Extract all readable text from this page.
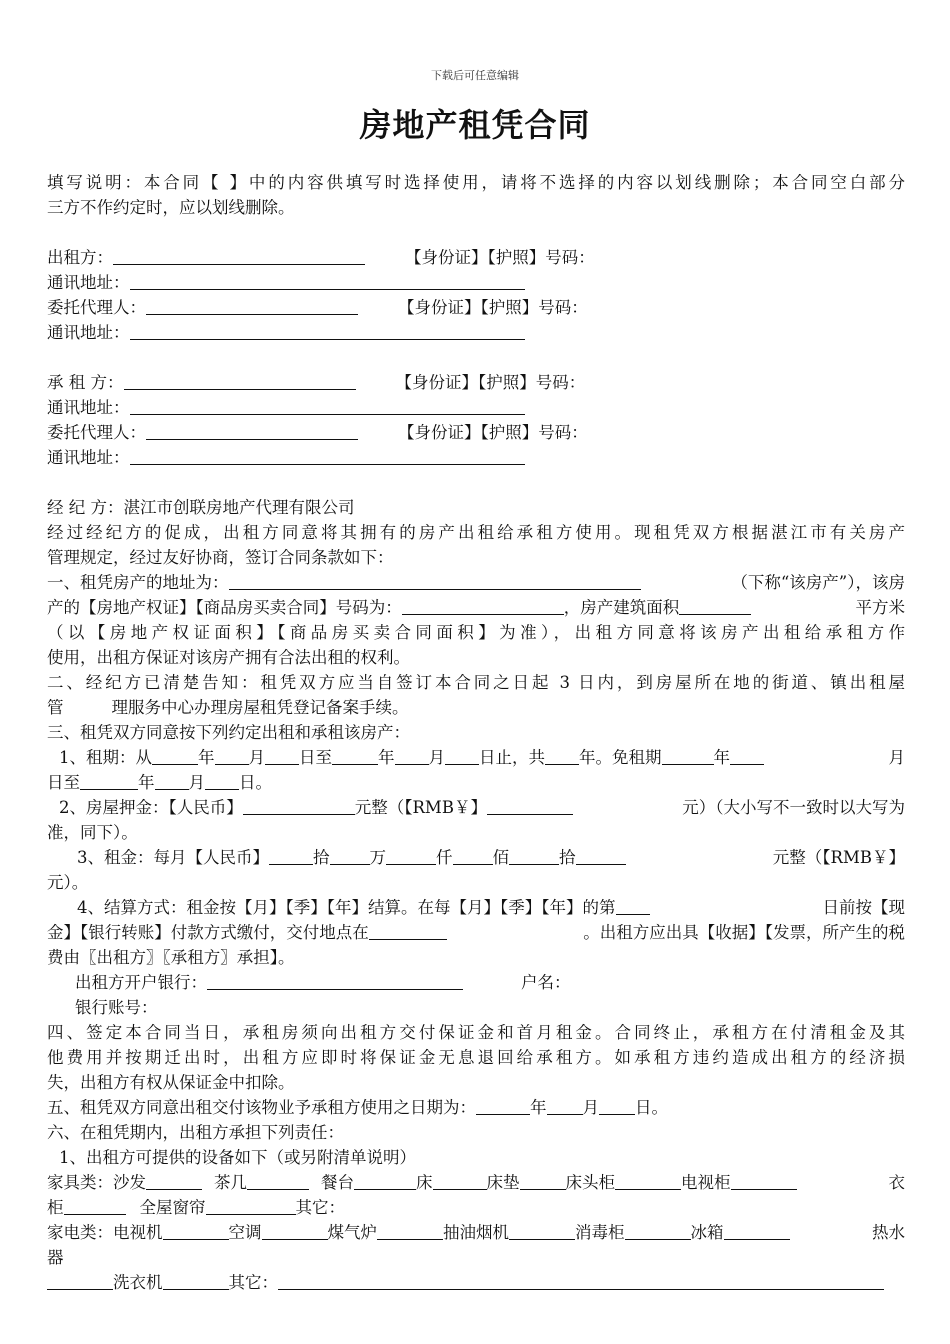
下载后可任意编辑
房地产租凭合同
填写说明：本合同【 】中的内容供填写时选择使用，请将不选择的内容以划线删除；本合同空白部分
三方不作约定时，应以划线删除。
出租方：	【身份证】【护照】号码：
通讯地址：
委托代理人：	【身份证】【护照】号码：
通讯地址：
承 租 方：	【身份证】【护照】号码：
通讯地址：
委托代理人：	【身份证】【护照】号码：
通讯地址：
经 纪 方：湛江市创联房地产代理有限公司
经过经纪方的促成，出租方同意将其拥有的房产出租给承租方使用。现租凭双方根据湛江市有关房产
管理规定，经过友好协商，签订合同条款如下：
一、租凭房产的地址为：	（下称“该房产”），该房
产的【房地产权证】【商品房买卖合同】号码为：	，房产建筑面积	平方米
（以【房地产权证面积】【商品房买卖合同面积】为准），出租方同意将该房产出租给承租方作
使用，出租方保证对该房产拥有合法出租的权利。
二、经纪方已清楚告知：租凭双方应当自签订本合同之日起 3 日内，到房屋所在地的街道、镇出租屋
管	理服务中心办理房屋租凭登记备案手续。
三、租凭双方同意按下列约定出租和承租该房产：
1、租期：从	年 月 日至	年 月 日止，共 年。免租期	年	月
日至	年 月 日。
2、房屋押金：【人民币】	元整（【RMB￥】	元）（大小写不一致时以大写为
准，同下）。
3、租金：每月【人民币】	拾 万	仟 佰	拾	元整（【RMB￥】
元）。
4、结算方式：租金按【月】【季】【年】结算。在每【月】【季】【年】的第	日前按【现
金】【银行转账】付款方式缴付，交付地点在	。出租方应出具【收据】【发票，所产生的税
费由〖出租方〗〖承租方〗承担】。
出租方开户银行：	户名：
银行账号：
四、签定本合同当日，承租房须向出租方交付保证金和首月租金。合同终止，承租方在付清租金及其
他费用并按期迁出时，出租方应即时将保证金无息退回给承租方。如承租方违约造成出租方的经济损
失，出租方有权从保证金中扣除。
五、租凭双方同意出租交付该物业予承租方使用之日期为：	年 月 日。
六、在租凭期内，出租方承担下列责任：
1、出租方可提供的设备如下（或另附清单说明）
家具类：沙发	茶几	餐台	床	床垫	床头柜	电视柜	衣
柜	全屋窗帘	其它：
家电类：电视机	空调	煤气炉	抽油烟机	消毒柜	冰箱	热水
器
洗衣机	其它：
